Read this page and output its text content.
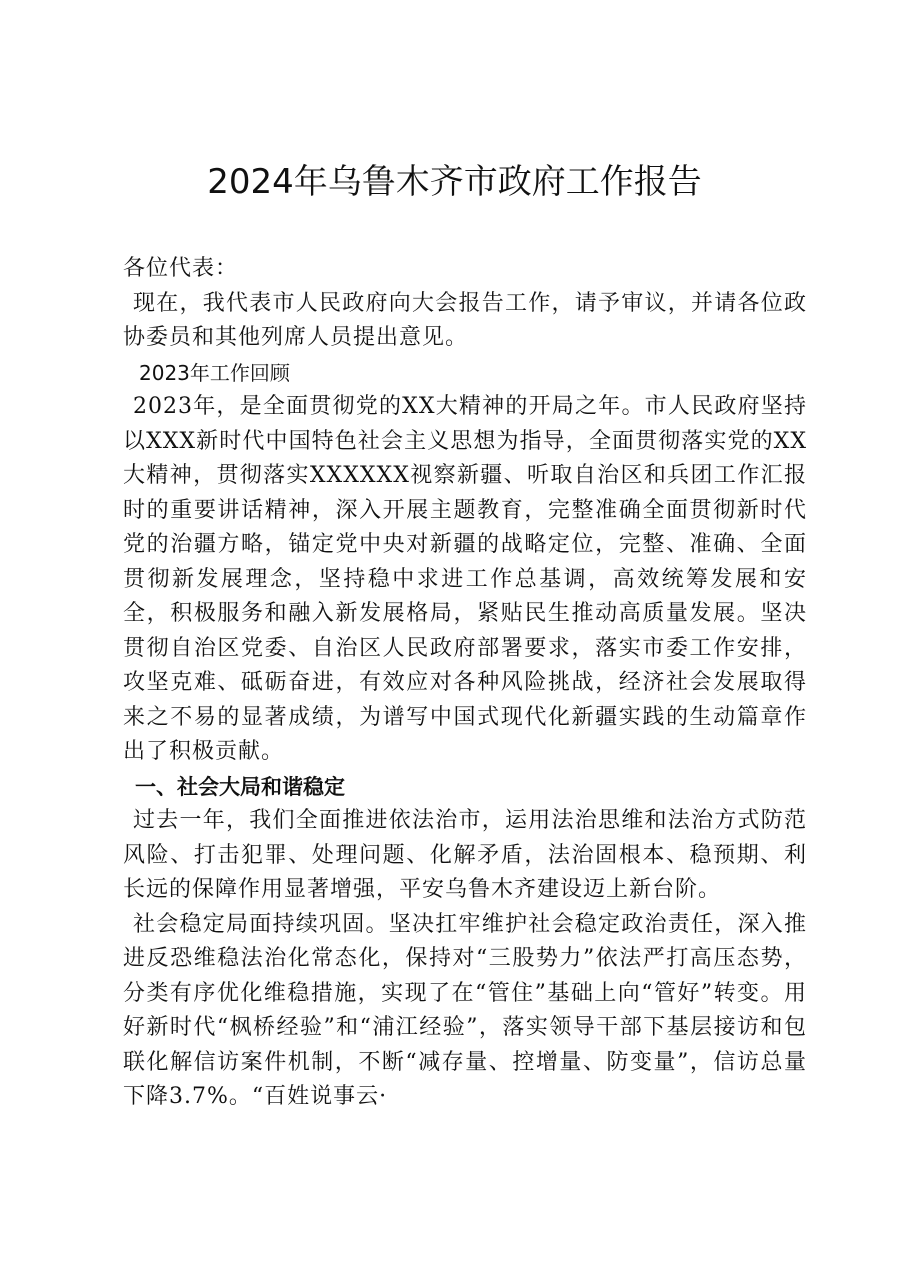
2024年乌鲁木齐市政府工作报告

各位代表：

现在，我代表市人民政府向大会报告工作，请予审议，并请各位政协委员和其他列席人员提出意见。

2023年工作回顾

2023年，是全面贯彻党的XX大精神的开局之年。市人民政府坚持以XXX新时代中国特色社会主义思想为指导，全面贯彻落实党的XX大精神，贯彻落实XXXXXX视察新疆、听取自治区和兵团工作汇报时的重要讲话精神，深入开展主题教育，完整准确全面贯彻新时代党的治疆方略，锚定党中央对新疆的战略定位，完整、准确、全面贯彻新发展理念，坚持稳中求进工作总基调，高效统筹发展和安全，积极服务和融入新发展格局，紧贴民生推动高质量发展。坚决贯彻自治区党委、自治区人民政府部署要求，落实市委工作安排，攻坚克难、砥砺奋进，有效应对各种风险挑战，经济社会发展取得来之不易的显著成绩，为谱写中国式现代化新疆实践的生动篇章作出了积极贡献。

一、社会大局和谐稳定

过去一年，我们全面推进依法治市，运用法治思维和法治方式防范风险、打击犯罪、处理问题、化解矛盾，法治固根本、稳预期、利长远的保障作用显著增强，平安乌鲁木齐建设迈上新台阶。

社会稳定局面持续巩固。坚决扛牢维护社会稳定政治责任，深入推进反恐维稳法治化常态化，保持对“三股势力”依法严打高压态势，分类有序优化维稳措施，实现了在“管住”基础上向“管好”转变。用好新时代“枫桥经验”和“浦江经验”，落实领导干部下基层接访和包联化解信访案件机制，不断“减存量、控增量、防变量”，信访总量下降3.7%。“百姓说事云·
